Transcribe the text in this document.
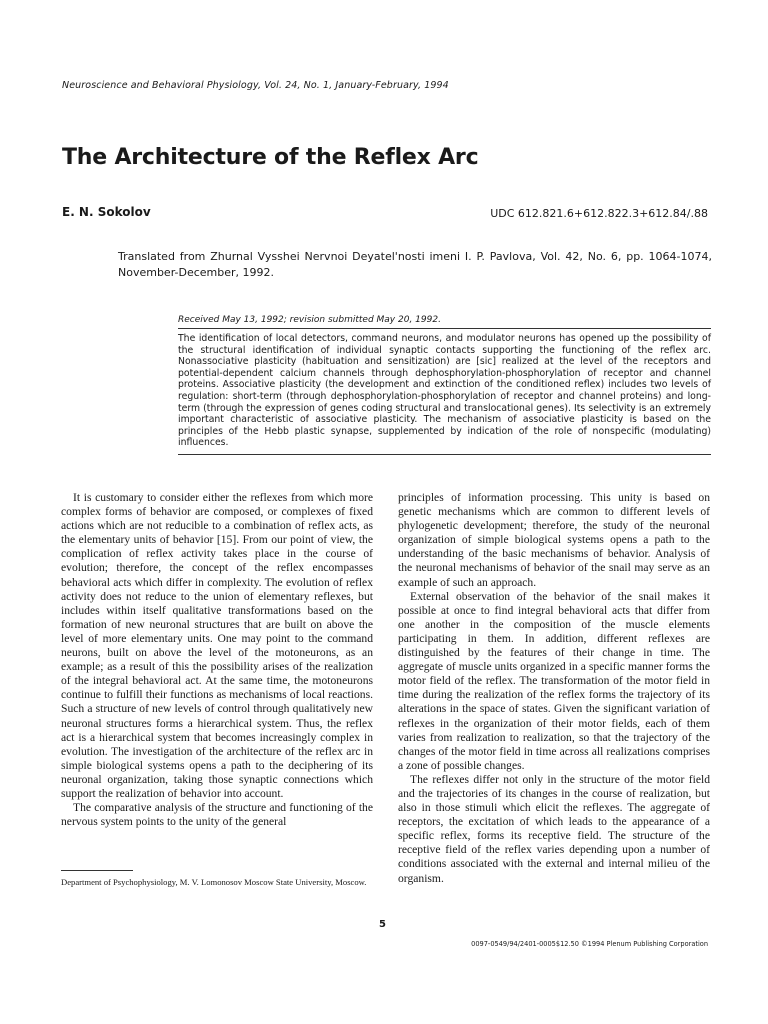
Neuroscience and Behavioral Physiology, Vol. 24, No. 1, January-February, 1994
The Architecture of the Reflex Arc
E. N. Sokolov	UDC 612.821.6+612.822.3+612.84/.88
Translated from Zhurnal Vysshei Nervnoi Deyatel'nosti imeni I. P. Pavlova, Vol. 42, No. 6, pp. 1064-1074, November-December, 1992.
Received May 13, 1992; revision submitted May 20, 1992.
The identification of local detectors, command neurons, and modulator neurons has opened up the possibility of the structural identification of individual synaptic contacts supporting the functioning of the reflex arc. Nonassociative plasticity (habituation and sensitization) are [sic] realized at the level of the receptors and potential-dependent calcium channels through dephosphorylation-phosphorylation of receptor and channel proteins. Associative plasticity (the development and extinction of the conditioned reflex) includes two levels of regulation: short-term (through dephosphorylation-phosphorylation of receptor and channel proteins) and long-term (through the expression of genes coding structural and translocational genes). Its selectivity is an extremely important characteristic of associative plasticity. The mechanism of associative plasticity is based on the principles of the Hebb plastic synapse, supplemented by indication of the role of nonspecific (modulating) influences.

It is customary to consider either the reflexes from which more complex forms of behavior are composed, or complexes of fixed actions which are not reducible to a combination of reflex acts, as the elementary units of behavior [15]. From our point of view, the complication of reflex activity takes place in the course of evolution; therefore, the concept of the reflex encompasses behavioral acts which differ in complexity. The evolution of reflex activity does not reduce to the union of elementary reflexes, but includes within itself qualitative transformations based on the formation of new neuronal structures that are built on above the level of more elementary units. One may point to the command neurons, built on above the level of the motoneurons, as an example; as a result of this the possibility arises of the realization of the integral behavioral act. At the same time, the motoneurons continue to fulfill their functions as mechanisms of local reactions. Such a structure of new levels of control through qualitatively new neuronal structures forms a hierarchical system. Thus, the reflex act is a hierarchical system that becomes increasingly complex in evolution. The investigation of the architecture of the reflex arc in simple biological systems opens a path to the deciphering of its neuronal organization, taking those synaptic connections which support the realization of behavior into account.

The comparative analysis of the structure and functioning of the nervous system points to the unity of the general

principles of information processing. This unity is based on genetic mechanisms which are common to different levels of phylogenetic development; therefore, the study of the neuronal organization of simple biological systems opens a path to the understanding of the basic mechanisms of behavior. Analysis of the neuronal mechanisms of behavior of the snail may serve as an example of such an approach.

External observation of the behavior of the snail makes it possible at once to find integral behavioral acts that differ from one another in the composition of the muscle elements participating in them. In addition, different reflexes are distinguished by the features of their change in time. The aggregate of muscle units organized in a specific manner forms the motor field of the reflex. The transformation of the motor field in time during the realization of the reflex forms the trajectory of its alterations in the space of states. Given the significant variation of reflexes in the organization of their motor fields, each of them varies from realization to realization, so that the trajectory of the changes of the motor field in time across all realizations comprises a zone of possible changes.

The reflexes differ not only in the structure of the motor field and the trajectories of its changes in the course of realization, but also in those stimuli which elicit the reflexes. The aggregate of receptors, the excitation of which leads to the appearance of a specific reflex, forms its receptive field. The structure of the receptive field of the reflex varies depending upon a number of conditions associated with the external and internal milieu of the organism.

Department of Psychophysiology, M. V. Lomonosov Moscow State University, Moscow.
5
0097-0549/94/2401-0005$12.50 ©1994 Plenum Publishing Corporation
